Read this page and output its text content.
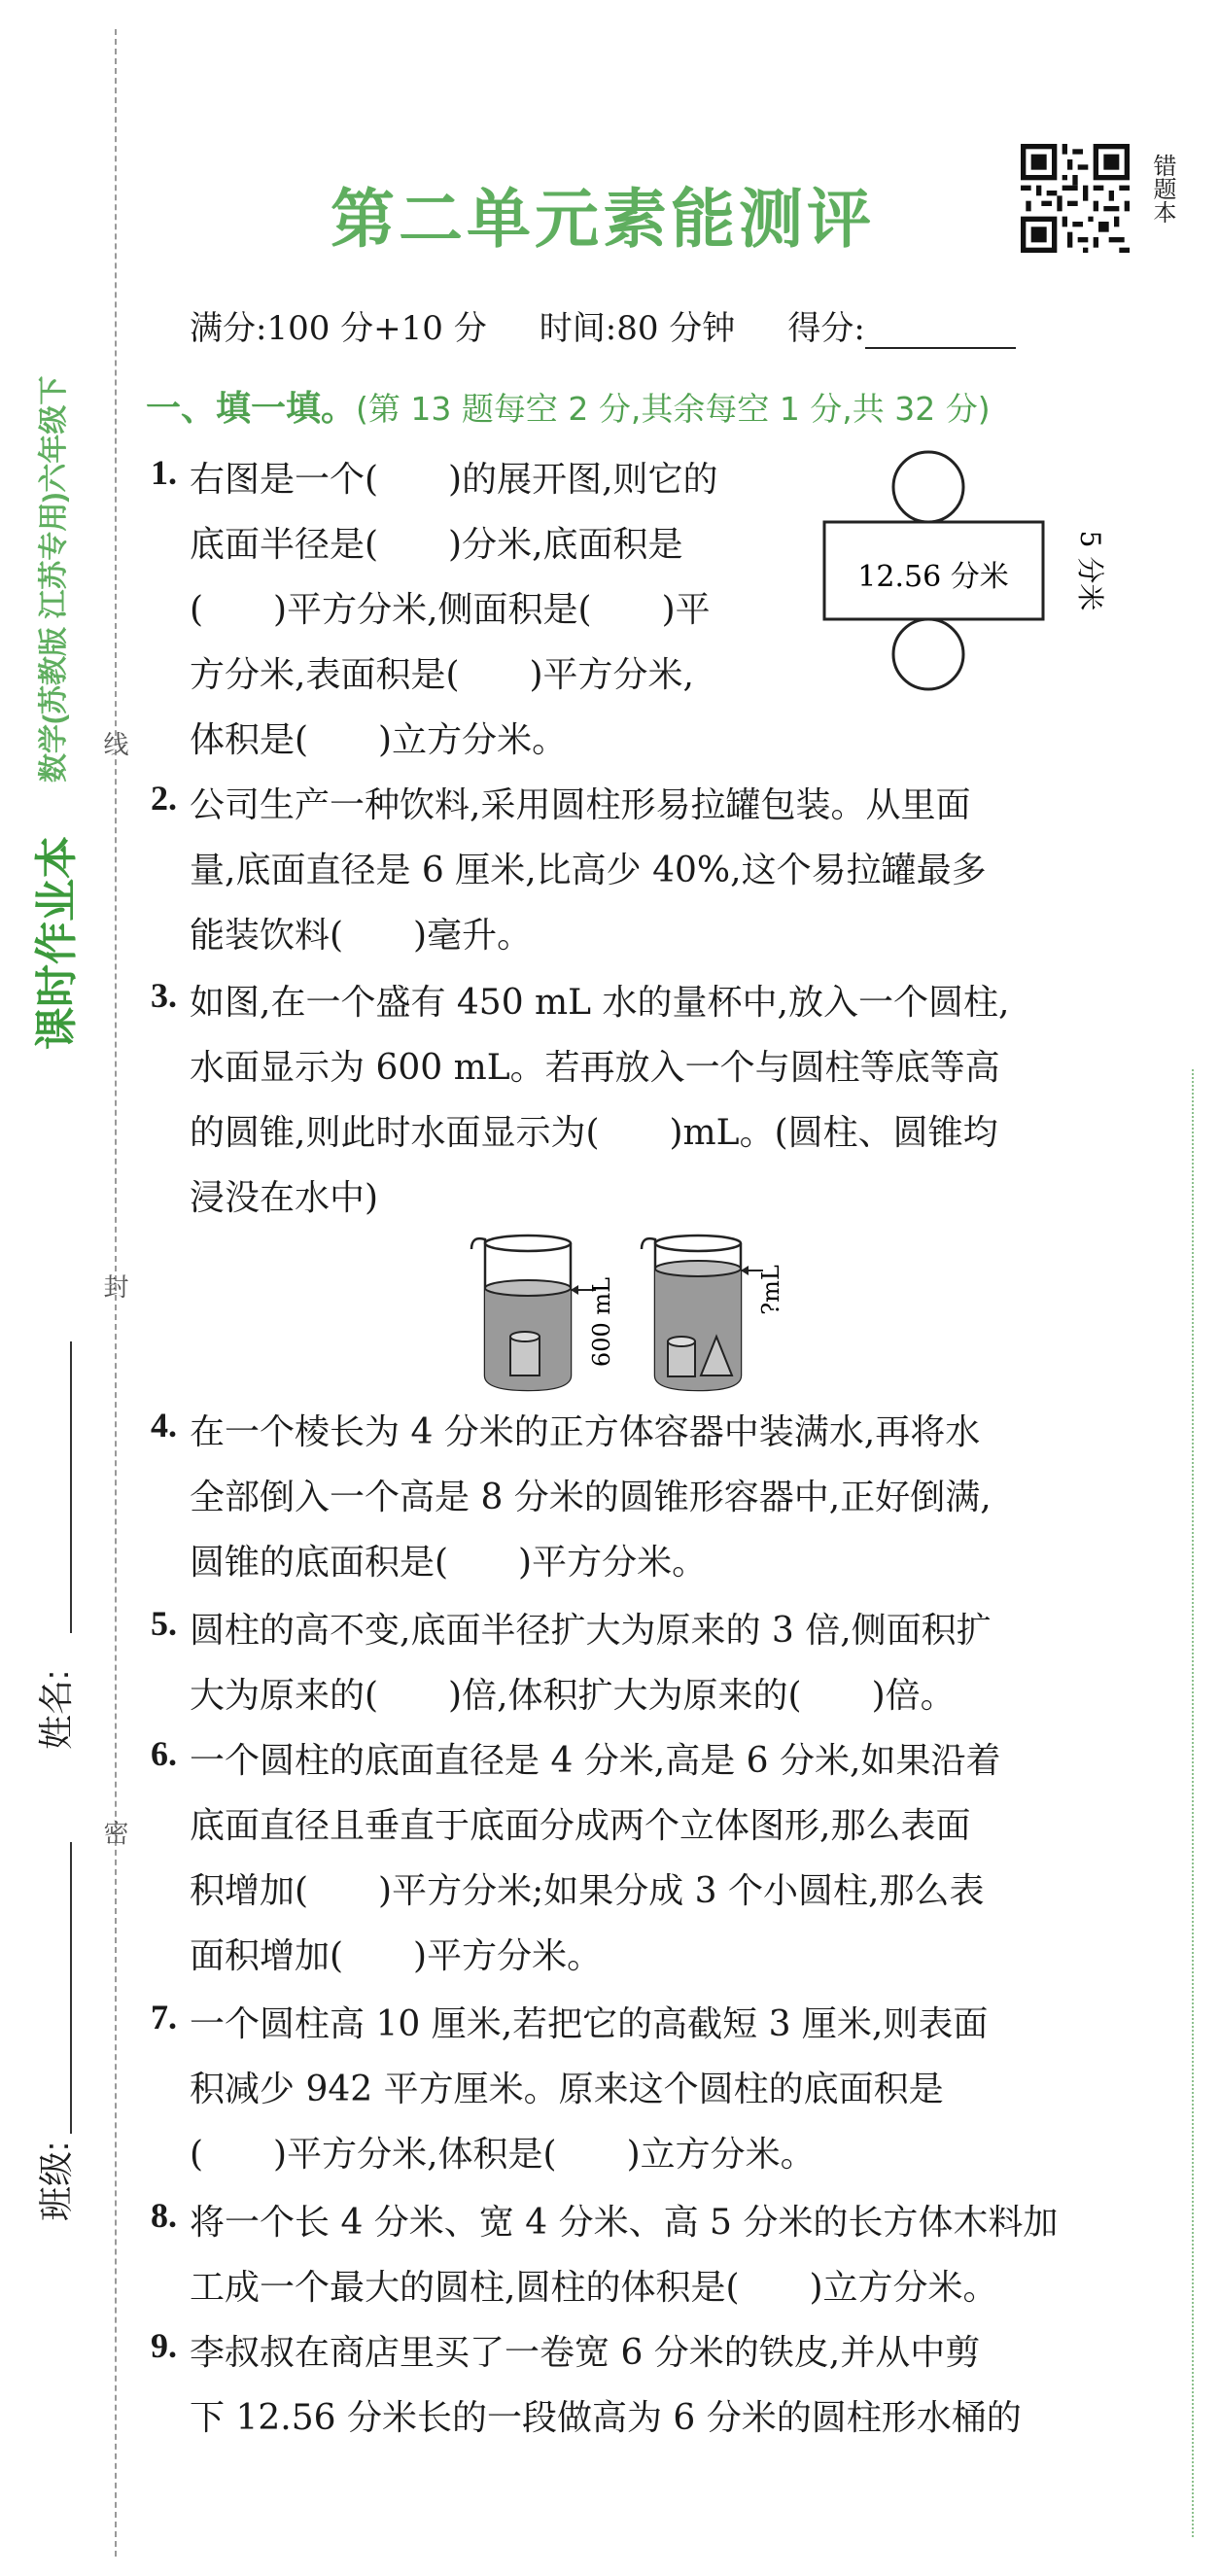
课时作业本
数学(苏教版 江苏专用)六年级下 线
封
密
姓名:
班级:
第二单元素能测评	错题本
满分:100 分+10 分 时间:80 分钟 得分:
一、填一填。(第 13 题每空 2 分,其余每空 1 分,共 32 分)
1. 右图是一个(　　)的展开图,则它的
底面半径是(　　)分米,底面积是
(　　)平方分米,侧面积是(　　)平
方分米,表面积是(　　)平方分米,
体积是(　　)立方分米。
12.56 分米 5 分米
2. 公司生产一种饮料,采用圆柱形易拉罐包装。从里面
量,底面直径是 6 厘米,比高少 40%,这个易拉罐最多
能装饮料(　　)毫升。
3. 如图,在一个盛有 450 mL 水的量杯中,放入一个圆柱,
水面显示为 600 mL。若再放入一个与圆柱等底等高
的圆锥,则此时水面显示为(　　)mL。(圆柱、圆锥均
浸没在水中)
600 mL	?mL
4. 在一个棱长为 4 分米的正方体容器中装满水,再将水
全部倒入一个高是 8 分米的圆锥形容器中,正好倒满,
圆锥的底面积是(　　)平方分米。
5. 圆柱的高不变,底面半径扩大为原来的 3 倍,侧面积扩
大为原来的(　　)倍,体积扩大为原来的(　　)倍。
6. 一个圆柱的底面直径是 4 分米,高是 6 分米,如果沿着
底面直径且垂直于底面分成两个立体图形,那么表面
积增加(　　)平方分米;如果分成 3 个小圆柱,那么表
面积增加(　　)平方分米。
7. 一个圆柱高 10 厘米,若把它的高截短 3 厘米,则表面
积减少 942 平方厘米。原来这个圆柱的底面积是
(　　)平方分米,体积是(　　)立方分米。
8. 将一个长 4 分米、宽 4 分米、高 5 分米的长方体木料加
工成一个最大的圆柱,圆柱的体积是(　　)立方分米。
9. 李叔叔在商店里买了一卷宽 6 分米的铁皮,并从中剪
下 12.56 分米长的一段做高为 6 分米的圆柱形水桶的
